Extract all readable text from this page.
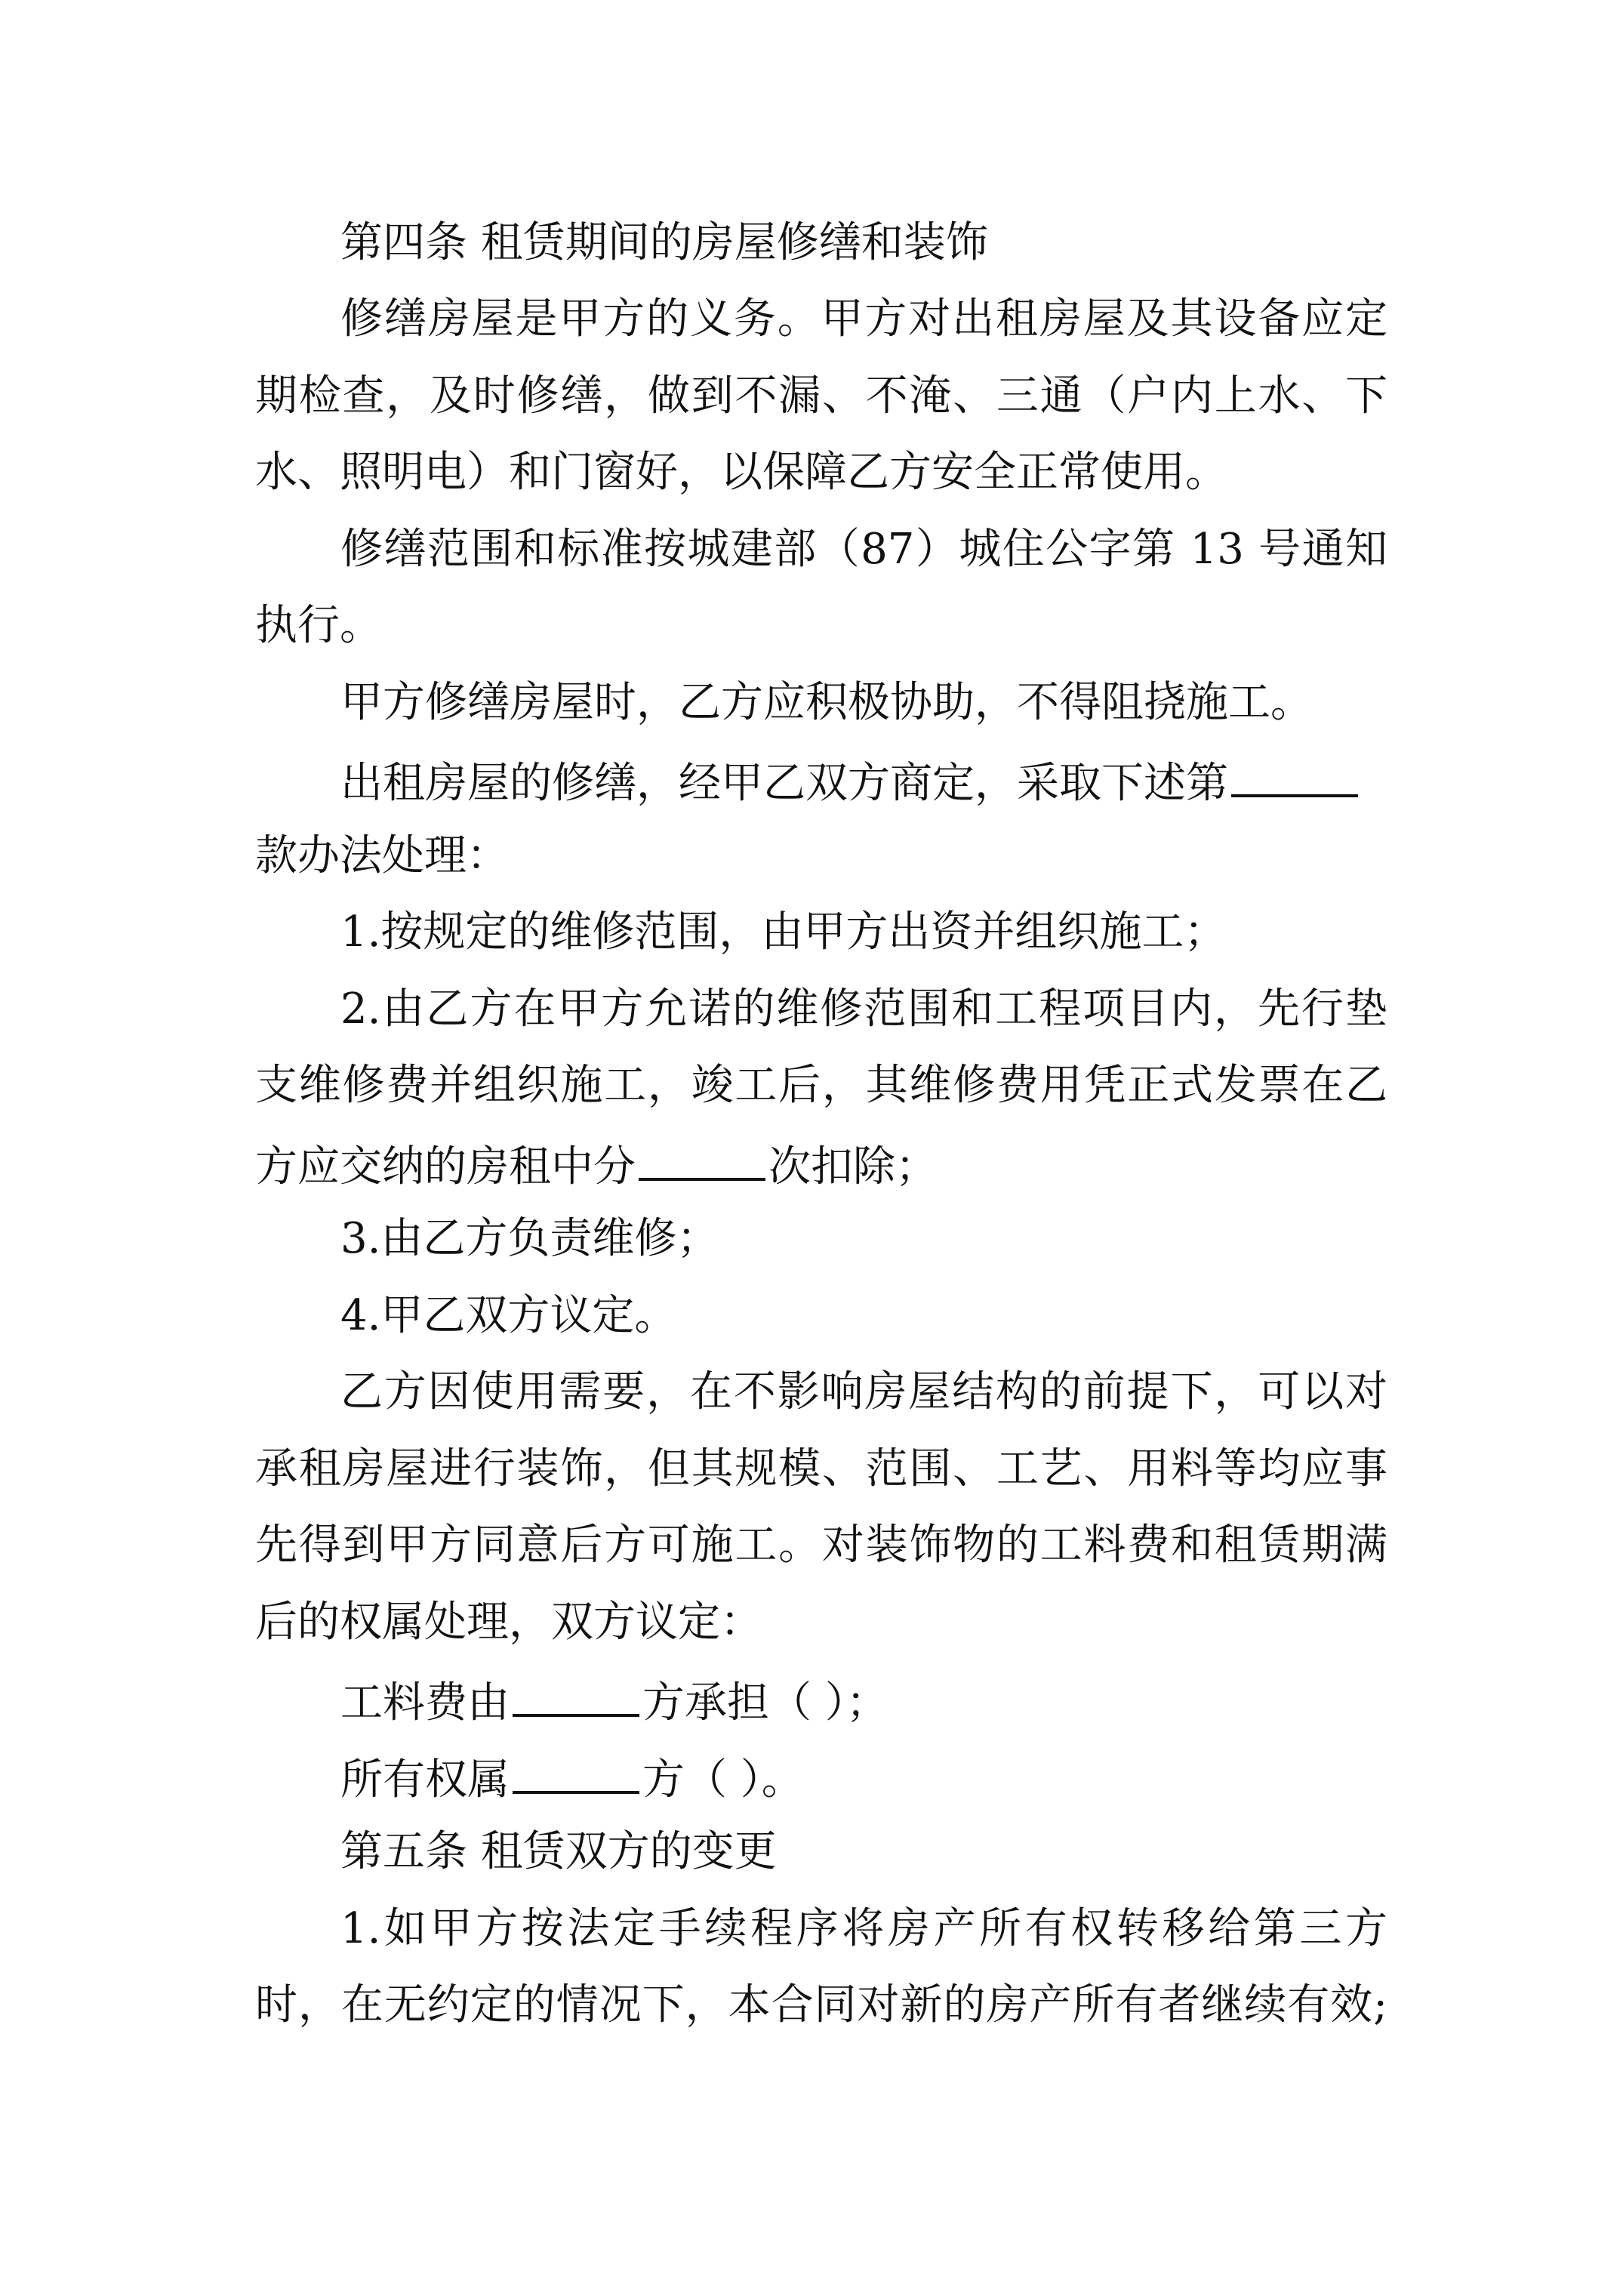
第四条 租赁期间的房屋修缮和装饰
修缮房屋是甲方的义务。甲方对出租房屋及其设备应定
期检查，及时修缮，做到不漏、不淹、三通（户内上水、下
水、照明电）和门窗好，以保障乙方安全正常使用。
修缮范围和标准按城建部（87）城住公字第 13 号通知
执行。
甲方修缮房屋时，乙方应积极协助，不得阻挠施工。
出租房屋的修缮，经甲乙双方商定，采取下述第
款办法处理：
1.按规定的维修范围，由甲方出资并组织施工；
2.由乙方在甲方允诺的维修范围和工程项目内，先行垫
支维修费并组织施工，竣工后，其维修费用凭正式发票在乙
方应交纳的房租中分	次扣除；
3.由乙方负责维修；
4.甲乙双方议定。
乙方因使用需要，在不影响房屋结构的前提下，可以对
承租房屋进行装饰，但其规模、范围、工艺、用料等均应事
先得到甲方同意后方可施工。对装饰物的工料费和租赁期满
后的权属处理，双方议定：
工料费由	方承担（ ）；
所有权属	方（ ）。
第五条 租赁双方的变更
1.如甲方按法定手续程序将房产所有权转移给第三方
时，在无约定的情况下，本合同对新的房产所有者继续有效;
